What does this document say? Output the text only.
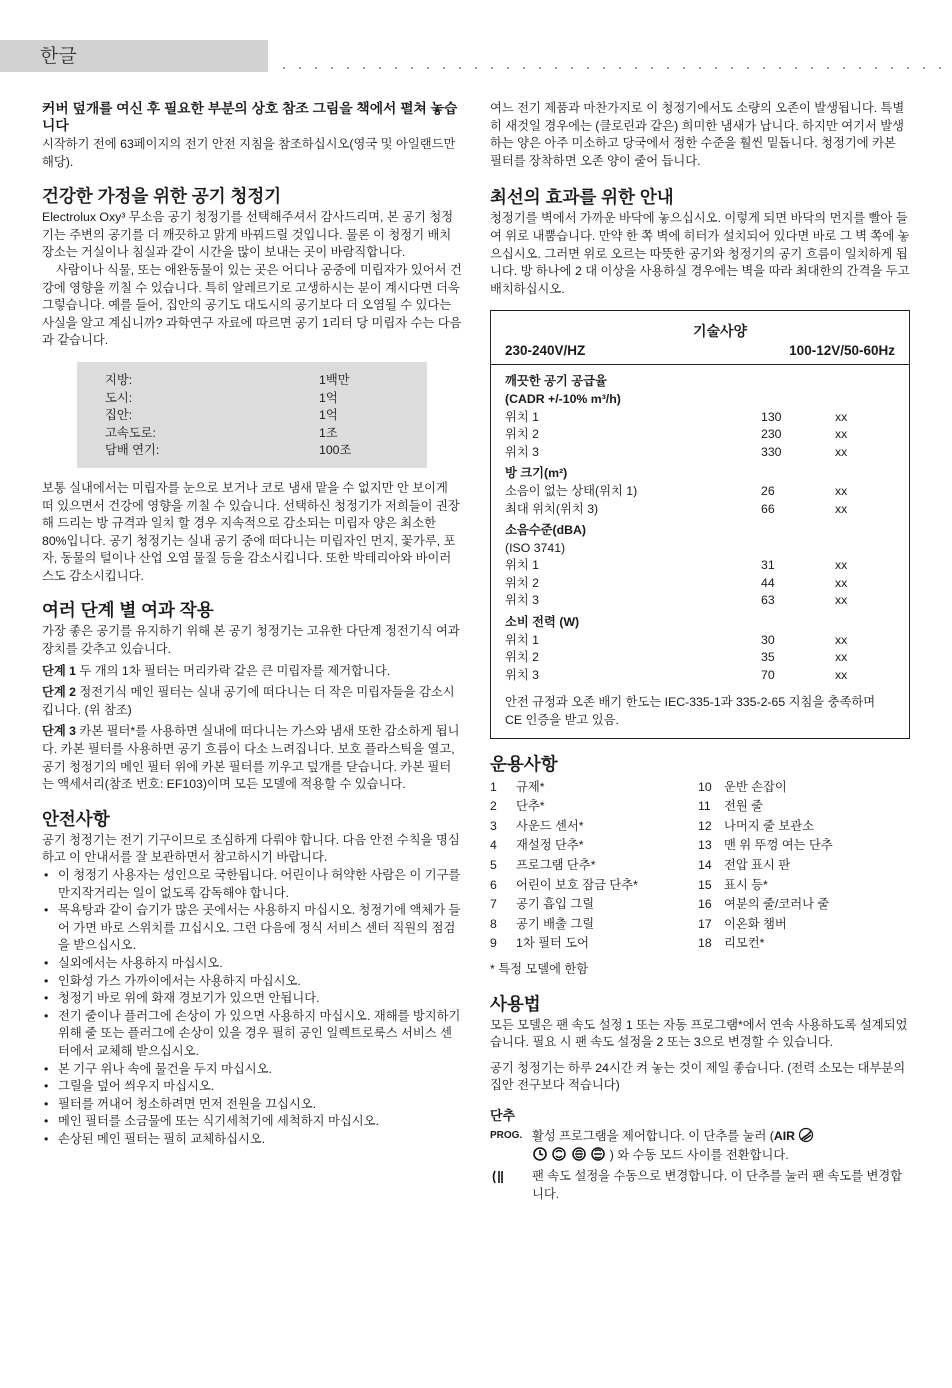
한글

커버 덮개를 여신 후 필요한 부분의 상호 참조 그림을 책에서 펼쳐 놓습니다

시작하기 전에 63페이지의 전기 안전 지침을 참조하십시오(영국 및 아일랜드만 해당).

건강한 가정을 위한 공기 청정기

Electrolux Oxy³ 무소음 공기 청정기를 선택해주셔서 감사드리며, 본 공기 청정기는 주변의 공기를 더 깨끗하고 맑게 바꿔드릴 것입니다. 물론 이 청정기 배치 장소는 거실이나 침실과 같이 시간을 많이 보내는 곳이 바람직합니다.

사람이나 식물, 또는 애완동물이 있는 곳은 어디나 공중에 미립자가 있어서 건강에 영향을 끼칠 수 있습니다. 특히 알레르기로 고생하시는 분이 계시다면 더욱 그렇습니다. 예를 들어, 집안의 공기도 대도시의 공기보다 더 오염될 수 있다는 사실을 알고 계십니까? 과학연구 자료에 따르면 공기 1리터 당 미립자 수는 다음과 같습니다.

지방:	1백만
도시:	1억
집안:	1억
고속도로:	1조
담배 연기:	100조

보통 실내에서는 미립자를 눈으로 보거나 코로 냄새 맡을 수 없지만 안 보이게 떠 있으면서 건강에 영향을 끼칠 수 있습니다. 선택하신 청정기가 저희들이 권장해 드리는 방 규격과 일치 할 경우 지속적으로 감소되는 미립자 양은 최소한 80%입니다. 공기 청정기는 실내 공기 중에 떠다니는 미립자인 먼지, 꽃가루, 포자, 동물의 털이나 산업 오염 물질 등을 감소시킵니다. 또한 박테리아와 바이러스도 감소시킵니다.

여러 단계 별 여과 작용

가장 좋은 공기를 유지하기 위해 본 공기 청정기는 고유한 다단계 정전기식 여과 장치를 갖추고 있습니다.

단계 1 두 개의 1차 필터는 머리카락 같은 큰 미립자를 제거합니다.

단계 2 정전기식 메인 필터는 실내 공기에 떠다니는 더 작은 미립자들을 감소시킵니다. (위 참조)

단계 3 카본 필터*를 사용하면 실내에 떠다니는 가스와 냄새 또한 감소하게 됩니다. 카본 필터를 사용하면 공기 흐름이 다소 느려집니다. 보호 플라스틱을 열고, 공기 청정기의 메인 필터 위에 카본 필터를 끼우고 덮개를 닫습니다. 카본 필터는 액세서리(참조 번호: EF103)이며 모든 모델에 적용할 수 있습니다.

안전사항

공기 청정기는 전기 기구이므로 조심하게 다뤄야 합니다. 다음 안전 수칙을 명심하고 이 안내서를 잘 보관하면서 참고하시기 바랍니다.

• 이 청정기 사용자는 성인으로 국한됩니다. 어린이나 허약한 사람은 이 기구를 만지작거리는 일이 없도록 감독해야 합니다.
• 목욕탕과 같이 습기가 많은 곳에서는 사용하지 마십시오. 청정기에 액체가 들어 가면 바로 스위치를 끄십시오. 그런 다음에 정식 서비스 센터 직원의 점검을 받으십시오.
• 실외에서는 사용하지 마십시오.
• 인화성 가스 가까이에서는 사용하지 마십시오.
• 청정기 바로 위에 화재 경보기가 있으면 안됩니다.
• 전기 줄이나 플러그에 손상이 가 있으면 사용하지 마십시오. 재해를 방지하기 위해 줄 또는 플러그에 손상이 있을 경우 필히 공인 일렉트로룩스 서비스 센터에서 교체해 받으십시오.
• 본 기구 위나 속에 물건을 두지 마십시오.
• 그릴을 덮어 씌우지 마십시오.
• 필터를 꺼내어 청소하려면 먼저 전원을 끄십시오.
• 메인 필터를 소금물에 또는 식기세척기에 세척하지 마십시오.
• 손상된 메인 필터는 필히 교체하십시오.

여느 전기 제품과 마찬가지로 이 청정기에서도 소량의 오존이 발생됩니다. 특별히 새것일 경우에는 (클로린과 같은) 희미한 냄새가 납니다. 하지만 여기서 발생하는 양은 아주 미소하고 당국에서 정한 수준을 훨씬 밑돕니다. 청정기에 카본 필터를 장착하면 오존 양이 줄어 듭니다.

최선의 효과를 위한 안내

청정기를 벽에서 가까운 바닥에 놓으십시오. 이렇게 되면 바닥의 먼지를 빨아 들여 위로 내뿜습니다. 만약 한 쪽 벽에 히터가 설치되어 있다면 바로 그 벽 쪽에 놓으십시오. 그러면 위로 오르는 따뜻한 공기와 청정기의 공기 흐름이 일치하게 됩니다. 방 하나에 2 대 이상을 사용하실 경우에는 벽을 따라 최대한의 간격을 두고 배치하십시오.

기술사양
230-240V/HZ	100-12V/50-60Hz
깨끗한 공기 공급율
(CADR +/-10% m³/h)
위치 1	130	xx
위치 2	230	xx
위치 3	330	xx
방 크기(m²)
소음이 없는 상태(위치 1)	26	xx
최대 위치(위치 3)	66	xx
소음수준(dBA)
(ISO 3741)
위치 1	31	xx
위치 2	44	xx
위치 3	63	xx
소비 전력 (W)
위치 1	30	xx
위치 2	35	xx
위치 3	70	xx

안전 규정과 오존 배기 한도는 IEC-335-1과 335-2-65 지침을 충족하며 CE 인증을 받고 있음.

운용사항

1	규제*	10	운반 손잡이
2	단추*	11	전원 줄
3	사운드 센서*	12	나머지 줄 보관소
4	재설정 단추*	13	맨 위 뚜껑 여는 단추
5	프로그램 단추*	14	전압 표시 판
6	어린이 보호 잠금 단추*	15	표시 등*
7	공기 흡입 그릴	16	여분의 줄/코러나 줄
8	공기 배출 그릴	17	이온화 챔버
9	1차 필터 도어	18	리모컨*

* 특정 모델에 한함

사용법

모든 모델은 팬 속도 설정 1 또는 자동 프로그램*에서 연속 사용하도록 설계되었습니다. 필요 시 팬 속도 설정을 2 또는 3으로 변경할 수 있습니다.

공기 청정기는 하루 24시간 켜 놓는 것이 제일 좋습니다. (전력 소모는 대부분의 집안 전구보다 적습니다)

단추

PROG. 활성 프로그램을 제어합니다. 이 단추를 눌러 (AIR
) 와 수동 모드 사이를 전환합니다.

팬 속도 설정을 수동으로 변경합니다. 이 단추를 눌러 팬 속도를 변경합니다.
